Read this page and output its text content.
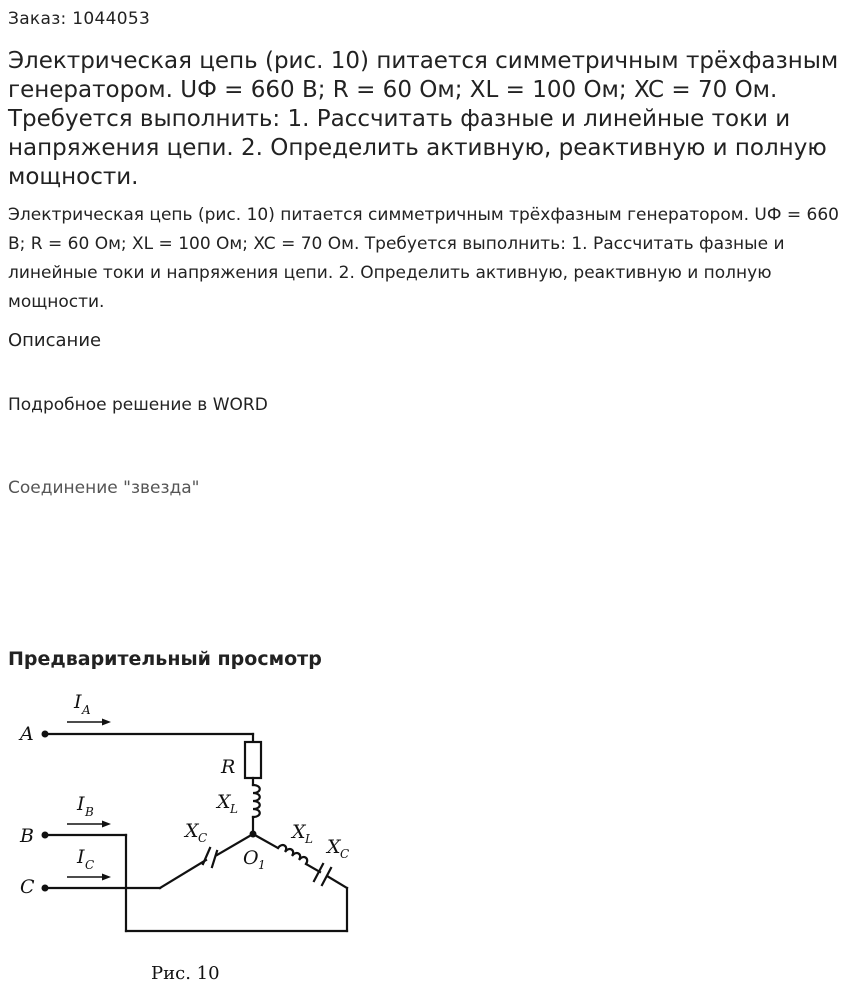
Заказ: 1044053
Электрическая цепь (рис. 10) питается симметричным трёхфазным генератором. UФ = 660 В; R = 60 Ом; XL = 100 Ом; XC = 70 Ом. Требуется выполнить: 1. Рассчитать фазные и линейные токи и напряжения цепи. 2. Определить активную, реактивную и полную мощности.

Электрическая цепь (рис. 10) питается симметричным трёхфазным генератором. UФ = 660 В; R = 60 Ом; XL = 100 Ом; XC = 70 Ом. Требуется выполнить: 1. Рассчитать фазные и линейные токи и напряжения цепи. 2. Определить активную, реактивную и полную мощности.

Описание
Подробное решение в WORD
Соединение "звезда"
Предварительный просмотр
A
B
C
I A
I B
I C
R
X L
X C	X L X C
O 1
Рис. 10
